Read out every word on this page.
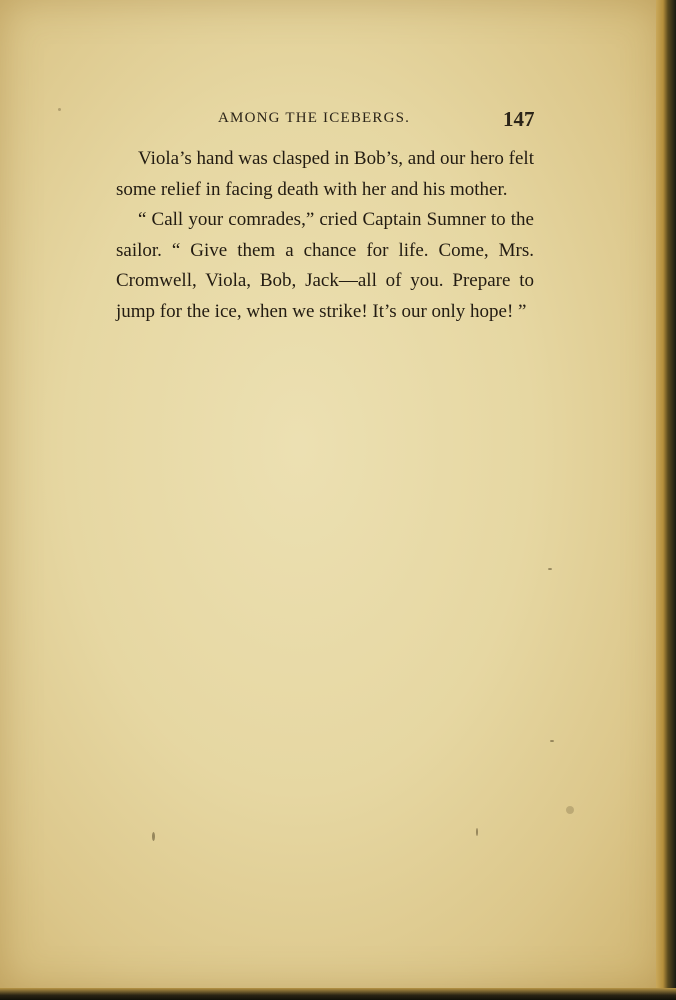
AMONG THE ICEBERGS.	147

Viola’s hand was clasped in Bob’s, and our hero felt some relief in facing death with her and his mother.

“ Call your comrades,” cried Captain Sumner to the sailor. “ Give them a chance for life. Come, Mrs. Cromwell, Viola, Bob, Jack—all of you. Prepare to jump for the ice, when we strike! It’s our only hope! ”
